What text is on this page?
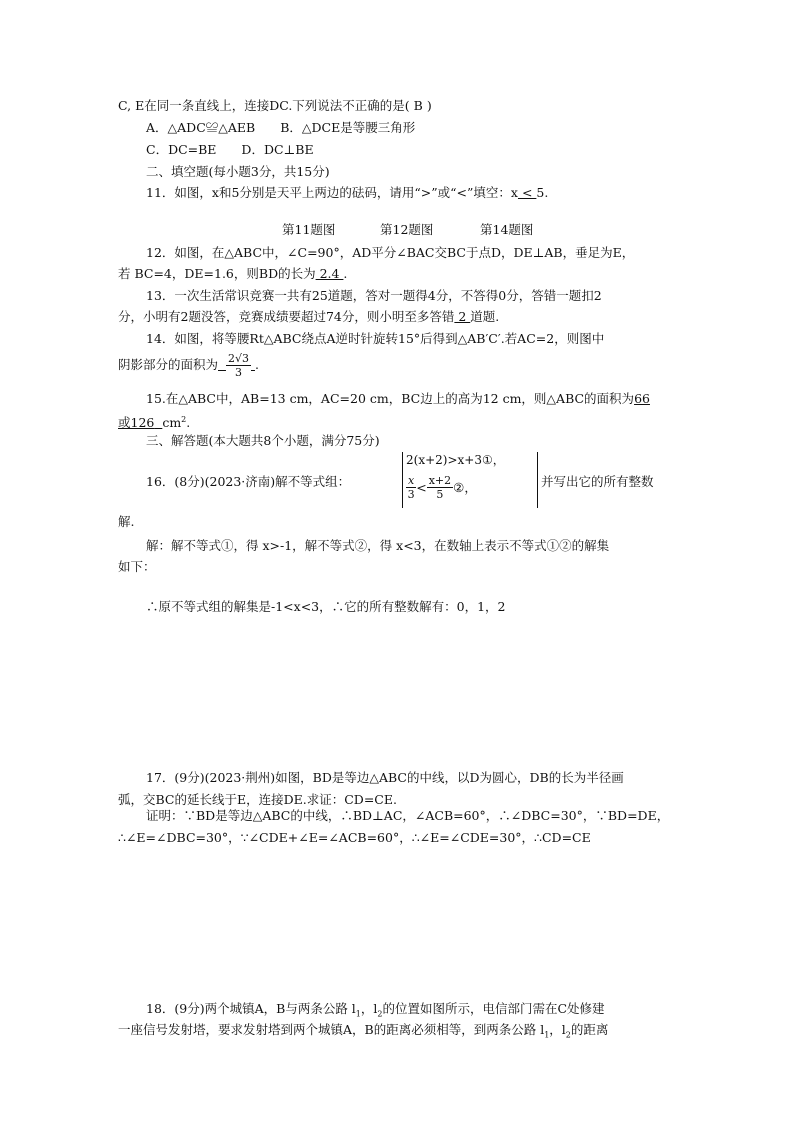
C, E在同一条直线上，连接DC.下列说法不正确的是( B )
A．△ADC≌△AEB　　B．△DCE是等腰三角形
C．DC=BE　　D．DC⊥BE
二、填空题(每小题3分，共15分)
11．如图，x和5分别是天平上两边的砝码，请用“>”或“<”填空：x < 5.
第11题图	第12题图	第14题图
12．如图，在△ABC中，∠C=90°，AD平分∠BAC交BC于点D，DE⊥AB，垂足为E，
若 BC=4，DE=1.6，则BD的长为 2.4 .
13．一次生活常识竞赛一共有25道题，答对一题得4分，不答得0分，答错一题扣2
分，小明有2题没答，竞赛成绩要超过74分，则小明至多答错 2 道题.
14．如图，将等腰Rt△ABC绕点A逆时针旋转15°后得到△AB′C′.若AC=2，则图中
阴影部分的面积为 $\frac{2√3}{3}$ .
15.在△ABC中，AB=13 cm，AC=20 cm，BC边上的高为12 cm，则△ABC的面积为66
或126 $cm^2$.
三、解答题(本大题共8个小题，满分75分)
16．(8分)(2023·济南)解不等式组：
2(x+2)>x+3①，
$\frac{x}{3} < \frac{x+2}{5}$ ②，	并写出它的所有整数
解.
解：解不等式①，得 x>-1，解不等式②，得 x<3，在数轴上表示不等式①②的解集
如下：
∴原不等式组的解集是-1<x<3，∴它的所有整数解有：0，1，2
17．(9分)(2023·荆州)如图，BD是等边△ABC的中线，以D为圆心，DB的长为半径画
弧，交BC的延长线于E，连接DE.求证：CD=CE.
证明：∵BD是等边△ABC的中线，∴BD⊥AC，∠ACB=60°，∴∠DBC=30°，∵BD=DE，
∴∠E=∠DBC=30°，∵∠CDE+∠E=∠ACB=60°，∴∠E=∠CDE=30°，∴CD=CE
18．(9分)两个城镇A，B与两条公路 $l_1$，$l_2$的位置如图所示，电信部门需在C处修建
一座信号发射塔，要求发射塔到两个城镇A，B的距离必须相等，到两条公路 $l_1$，$l_2$的距离
